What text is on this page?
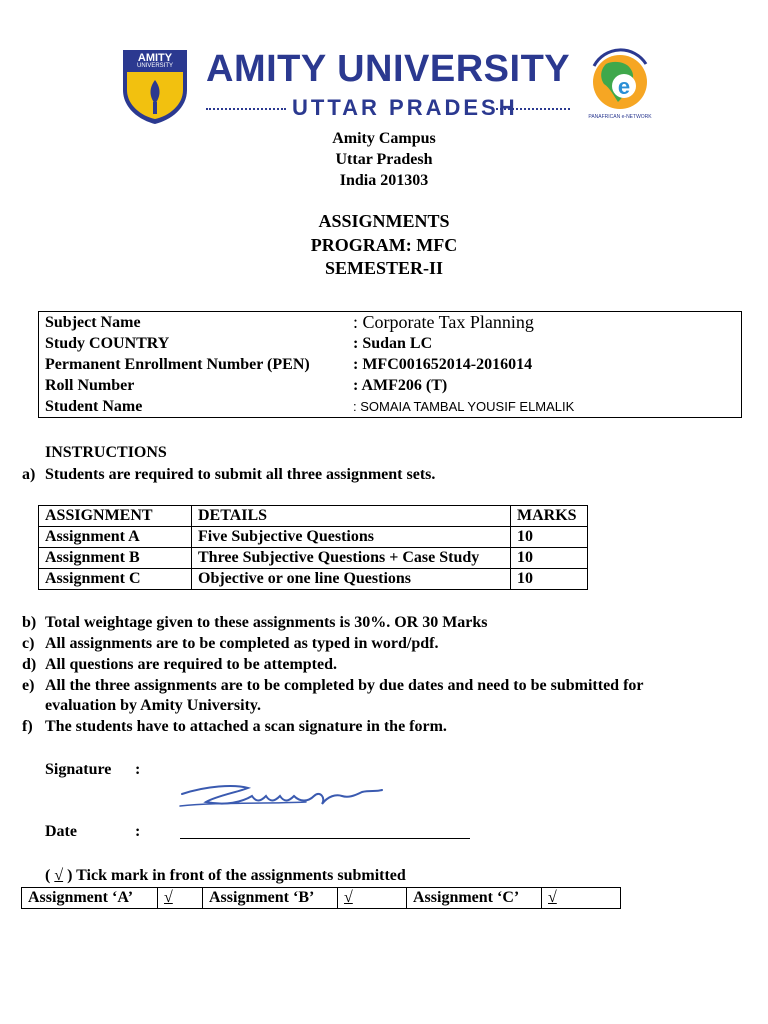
AMITY
UNIVERSITY AMITY UNIVERSITY
UTTAR PRADESH
e
PANAFRICAN e-NETWORK
Amity Campus
Uttar Pradesh
India 201303
ASSIGNMENTS
PROGRAM: MFC
SEMESTER-II
Subject Name	: Corporate Tax Planning
Study COUNTRY	: Sudan LC
Permanent Enrollment Number (PEN)	: MFC001652014-2016014
Roll Number	: AMF206 (T)
Student Name	: SOMAIA TAMBAL YOUSIF ELMALIK
INSTRUCTIONS
a) Students are required to submit all three assignment sets.
ASSIGNMENT	DETAILS	MARKS
Assignment A	Five Subjective Questions	10
Assignment B	Three Subjective Questions + Case Study	10
Assignment C	Objective or one line Questions	10
b) Total weightage given to these assignments is 30%. OR 30 Marks
c) All assignments are to be completed as typed in word/pdf.
d) All questions are required to be attempted.
e) All the three assignments are to be completed by due dates and need to be submitted for
evaluation by Amity University.
f) The students have to attached a scan signature in the form.
Signature :
Date	:
( √ ) Tick mark in front of the assignments submitted
Assignment ‘A’	√	Assignment ‘B’	√	Assignment ‘C’	√
